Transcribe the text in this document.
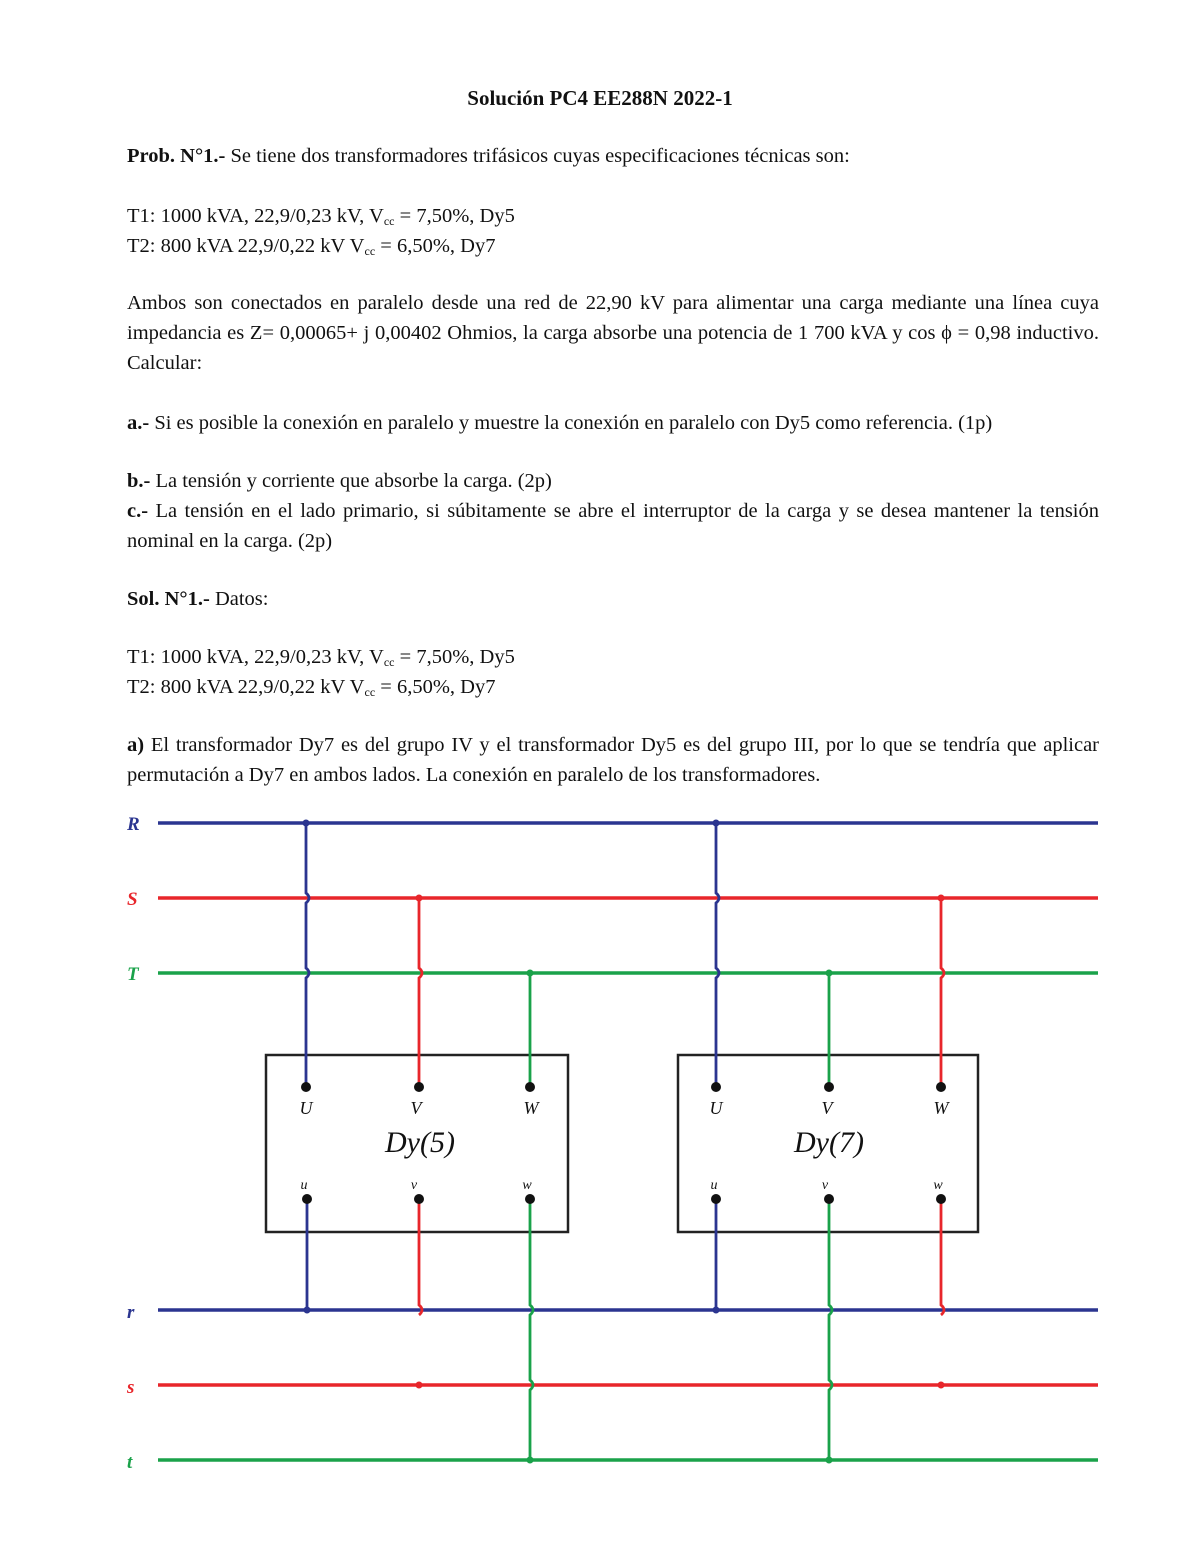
Solución PC4 EE288N 2022-1

Prob. N°1.- Se tiene dos transformadores trifásicos cuyas especificaciones técnicas son:

T1: 1000 kVA, 22,9/0,23 kV, $V_{cc} = 7,50\%$, Dy5

T2: 800 kVA 22,9/0,22 kV $V_{cc} = 6,50\%$, Dy7

Ambos son conectados en paralelo desde una red de 22,90 kV para alimentar una carga mediante una línea cuya impedancia es Z= 0,00065+ j 0,00402 Ohmios, la carga absorbe una potencia de 1 700 kVA y cos ϕ = 0,98 inductivo. Calcular:

a.- Si es posible la conexión en paralelo y muestre la conexión en paralelo con Dy5 como referencia. (1p)

b.- La tensión y corriente que absorbe la carga. (2p)

c.- La tensión en el lado primario, si súbitamente se abre el interruptor de la carga y se desea mantener la tensión nominal en la carga. (2p)

Sol. N°1.- Datos:

T1: 1000 kVA, 22,9/0,23 kV, $V_{cc} = 7,50\%$, Dy5

T2: 800 kVA 22,9/0,22 kV $V_{cc} = 6,50\%$, Dy7

a) El transformador Dy7 es del grupo IV y el transformador Dy5 es del grupo III, por lo que se tendría que aplicar permutación a Dy7 en ambos lados. La conexión en paralelo de los transformadores.

R
S
T
r
s
t
U	V	W
Dy(5)
u	v	w
U	V	W
Dy(7)
u	v	w
